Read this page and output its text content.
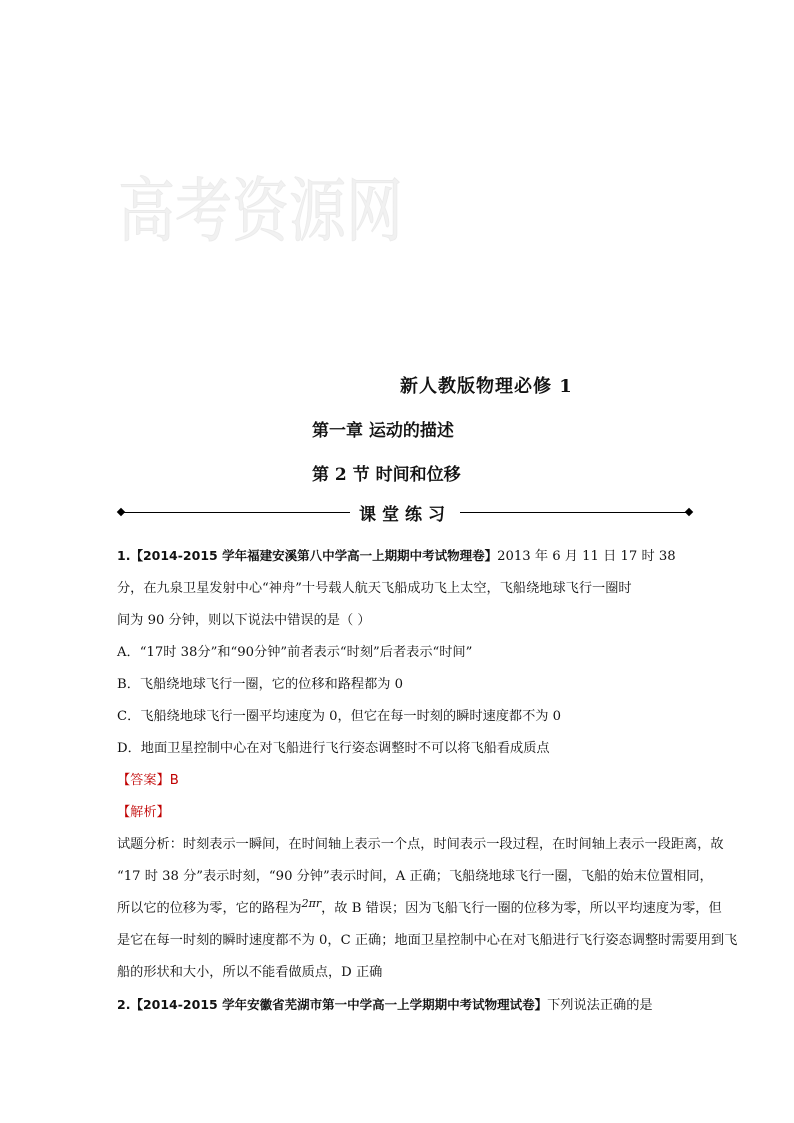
高考资源网
新人教版物理必修 1
第一章 运动的描述
第 2 节 时间和位移
课堂练习
1.【2014-2015 学年福建安溪第八中学高一上期期中考试物理卷】2013 年 6 月 11 日 17 时 38
分，在九泉卫星发射中心“神舟”十号载人航天飞船成功飞上太空，飞船绕地球飞行一圈时
间为 90 分钟，则以下说法中错误的是（ ）
A．“17时 38分”和“90分钟”前者表示“时刻”后者表示“时间”
B．飞船绕地球飞行一圈，它的位移和路程都为 0
C．飞船绕地球飞行一圈平均速度为 0，但它在每一时刻的瞬时速度都不为 0
D．地面卫星控制中心在对飞船进行飞行姿态调整时不可以将飞船看成质点
【答案】B
【解析】
试题分析：时刻表示一瞬间，在时间轴上表示一个点，时间表示一段过程，在时间轴上表示一段距离，故
“17 时 38 分”表示时刻，“90 分钟”表示时间，A 正确；飞船绕地球飞行一圈，飞船的始末位置相同，
所以它的位移为零，它的路程为$^{2\pi r}$，故 B 错误；因为飞船飞行一圈的位移为零，所以平均速度为零，但
是它在每一时刻的瞬时速度都不为 0，C 正确；地面卫星控制中心在对飞船进行飞行姿态调整时需要用到飞
船的形状和大小，所以不能看做质点，D 正确
2.【2014-2015 学年安徽省芜湖市第一中学高一上学期期中考试物理试卷】下列说法正确的是
